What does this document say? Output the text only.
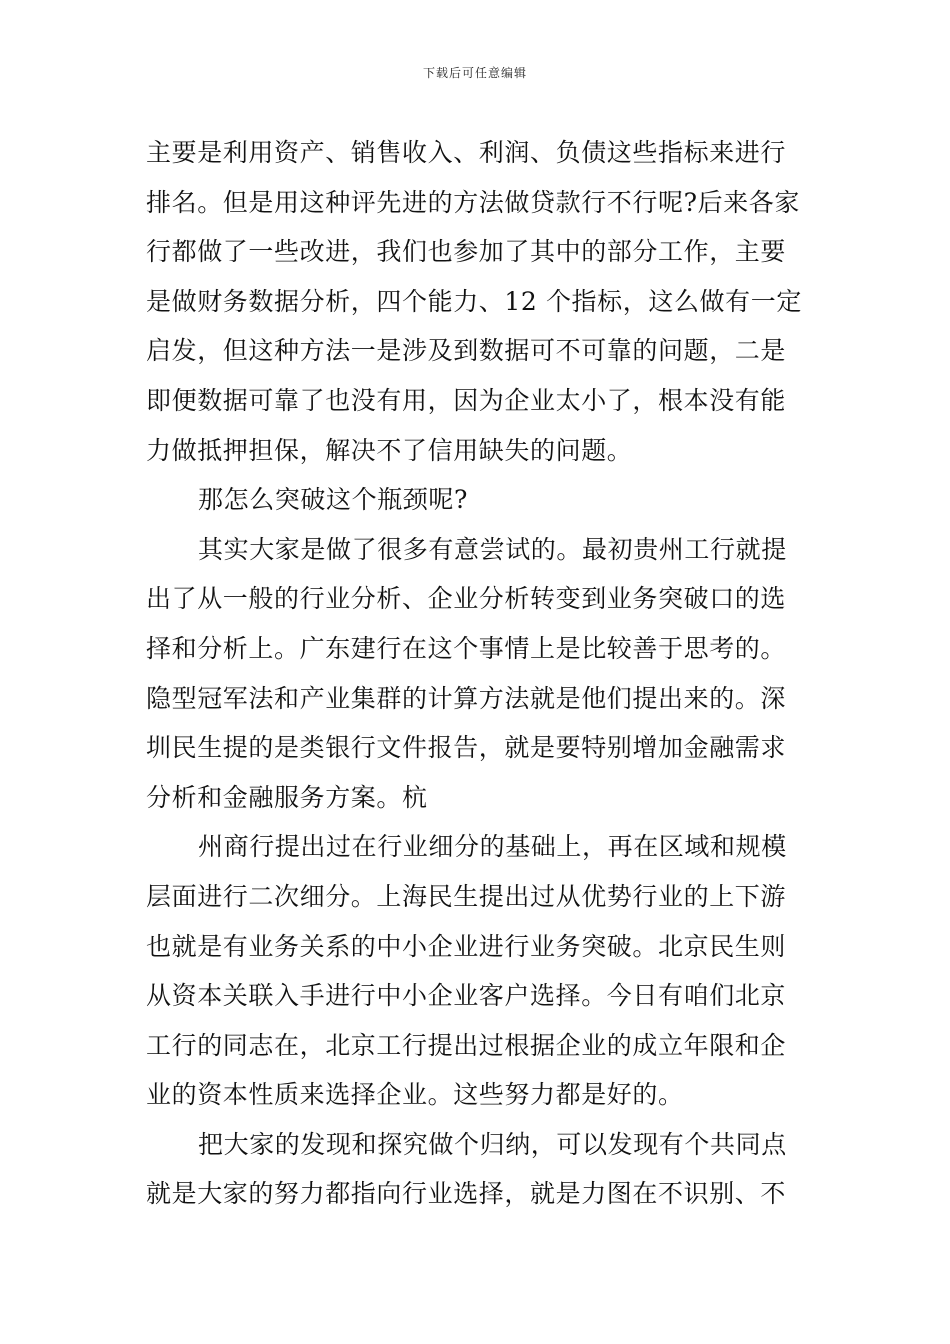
下载后可任意编辑
主要是利用资产、销售收入、利润、负债这些指标来进行
排名。但是用这种评先进的方法做贷款行不行呢?后来各家
行都做了一些改进，我们也参加了其中的部分工作，主要
是做财务数据分析，四个能力、12 个指标，这么做有一定
启发，但这种方法一是涉及到数据可不可靠的问题，二是
即便数据可靠了也没有用，因为企业太小了，根本没有能
力做抵押担保，解决不了信用缺失的问题。
那怎么突破这个瓶颈呢?
其实大家是做了很多有意尝试的。最初贵州工行就提
出了从一般的行业分析、企业分析转变到业务突破口的选
择和分析上。广东建行在这个事情上是比较善于思考的。
隐型冠军法和产业集群的计算方法就是他们提出来的。深
圳民生提的是类银行文件报告，就是要特别增加金融需求
分析和金融服务方案。杭
州商行提出过在行业细分的基础上，再在区域和规模
层面进行二次细分。上海民生提出过从优势行业的上下游
也就是有业务关系的中小企业进行业务突破。北京民生则
从资本关联入手进行中小企业客户选择。今日有咱们北京
工行的同志在，北京工行提出过根据企业的成立年限和企
业的资本性质来选择企业。这些努力都是好的。
把大家的发现和探究做个归纳，可以发现有个共同点
就是大家的努力都指向行业选择，就是力图在不识别、不
